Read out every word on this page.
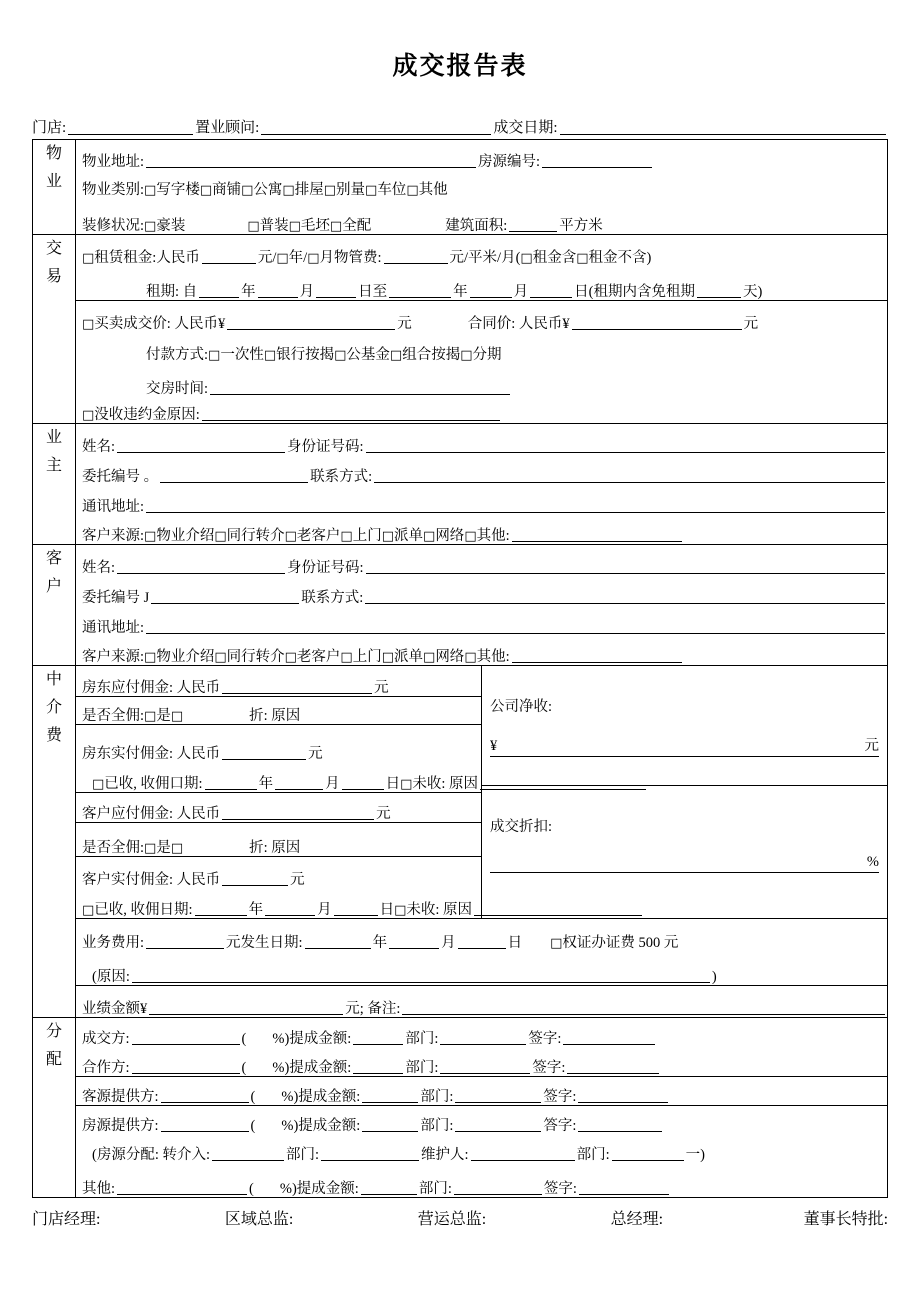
成交报告表
门店:	置业顾问:	成交日期:
物
业

物业地址:	房源编号:
物业类别: □ 写字楼 □ 商铺 □ 公寓 □ 排屋 □ 别量 □ 车位 □ 其他
装修状况: □ 豪装	□ 普装 □ 毛坯 □ 全配	建筑面积:	平方米

交
易

□ 租赁租金: 人民币	元/ □ 年/ □ 月 物管费:	元/平米/月 ( □ 租金含 □ 租金不含 )
租期: 自	年	月	日 至	年	月	日 (租期内含免租期	天 )
□ 买卖成交价: 人民币¥	元	合同价: 人民币¥	元
付款方式: □ 一次性 □ 银行按揭 □ 公基金 □ 组合按揭 □ 分期
交房时间:
□ 没收违约金原因:

业
主

姓名:	身份证号码:
委托编号 。	联系方式:
通讯地址:
客户来源: □ 物业介绍 □ 同行转介 □ 老客户 □ 上门 □ 派单 □ 网络 □ 其他:

客
户

姓名:	身份证号码:
委托编号 J	联系方式:
通讯地址:
客户来源: □ 物业介绍 □ 同行转介 □ 老客户 □ 上门 □ 派单 □ 网络 □ 其他:

中
介
费

房东应付佣金: 人民币	元
是否全佣: □ 是 □	折: 原因
房东实付佣金: 人民币	元
□ 已收, 收佣口期:	年	月	日 □ 未收: 原因
客户应付佣金: 人民币	元
是否全佣: □ 是 □	折: 原因
客户实付佣金: 人民币	元
□ 已收, 收佣日期:	年	月	日 □ 未收: 原因

公司净收:
¥	元
成交折扣:
%

业务费用:	元发生日期:	年	月	日 □ 权证办证费 500 元
(原因:	)
业绩金额¥	元; 备注:

分
配

成交方:	( %) 提成金额:	部门:	签字:
合作方:	( %) 提成金额:	部门:	签字:
客源提供方:	( %) 提成金额:	部门:	签字:
房源提供方:	( %) 提成金额:	部门:	答字:
(房源分配: 转介入:	部门:	维护人:	部门:	一)
其他:	( %) 提成金额:	部门:	签字:
门店经理:	区域总监:	营运总监:	总经理:	董事长特批:
